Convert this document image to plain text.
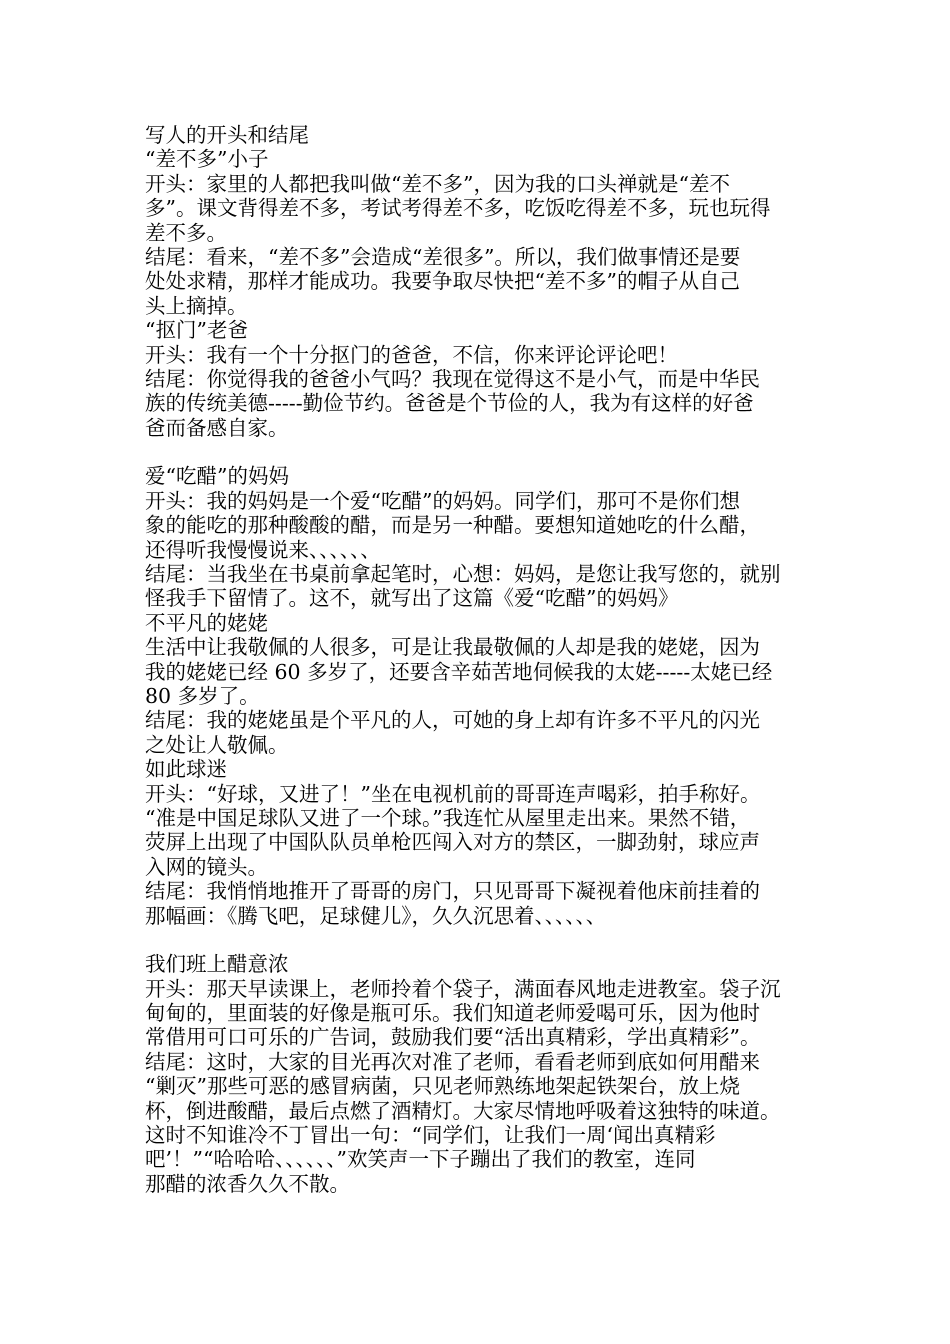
写人的开头和结尾
“差不多”小子
开头：家里的人都把我叫做“差不多”，因为我的口头禅就是“差不
多”。课文背得差不多，考试考得差不多，吃饭吃得差不多，玩也玩得
差不多。
结尾：看来，“差不多”会造成“差很多”。所以，我们做事情还是要
处处求精，那样才能成功。我要争取尽快把“差不多”的帽子从自己
头上摘掉。
“抠门”老爸
开头：我有一个十分抠门的爸爸，不信，你来评论评论吧！
结尾：你觉得我的爸爸小气吗？我现在觉得这不是小气，而是中华民
族的传统美德-----勤俭节约。爸爸是个节俭的人，我为有这样的好爸
爸而备感自家。
爱“吃醋”的妈妈
开头：我的妈妈是一个爱“吃醋”的妈妈。同学们，那可不是你们想
象的能吃的那种酸酸的醋，而是另一种醋。要想知道她吃的什么醋，
还得听我慢慢说来、、、、、、
结尾：当我坐在书桌前拿起笔时，心想：妈妈，是您让我写您的，就别
怪我手下留情了。这不，就写出了这篇《爱“吃醋”的妈妈》
不平凡的姥姥
生活中让我敬佩的人很多，可是让我最敬佩的人却是我的姥姥，因为
我的姥姥已经 60 多岁了，还要含辛茹苦地伺候我的太姥-----太姥已经
80 多岁了。
结尾：我的姥姥虽是个平凡的人，可她的身上却有许多不平凡的闪光
之处让人敬佩。
如此球迷
开头：“好球，又进了！”坐在电视机前的哥哥连声喝彩，拍手称好。
“准是中国足球队又进了一个球。”我连忙从屋里走出来。果然不错，
荧屏上出现了中国队队员单枪匹闯入对方的禁区，一脚劲射，球应声
入网的镜头。
结尾：我悄悄地推开了哥哥的房门，只见哥哥下凝视着他床前挂着的
那幅画：《腾飞吧，足球健儿》，久久沉思着、、、、、、
我们班上醋意浓
开头：那天早读课上，老师拎着个袋子，满面春风地走进教室。袋子沉
甸甸的，里面装的好像是瓶可乐。我们知道老师爱喝可乐，因为他时
常借用可口可乐的广告词，鼓励我们要“活出真精彩，学出真精彩”。
结尾：这时，大家的目光再次对准了老师，看看老师到底如何用醋来
“剿灭”那些可恶的感冒病菌，只见老师熟练地架起铁架台，放上烧
杯，倒进酸醋，最后点燃了酒精灯。大家尽情地呼吸着这独特的味道。
这时不知谁冷不丁冒出一句：“同学们，让我们一周‘闻出真精彩
吧’！”“哈哈哈、、、、、、”欢笑声一下子蹦出了我们的教室，连同
那醋的浓香久久不散。
